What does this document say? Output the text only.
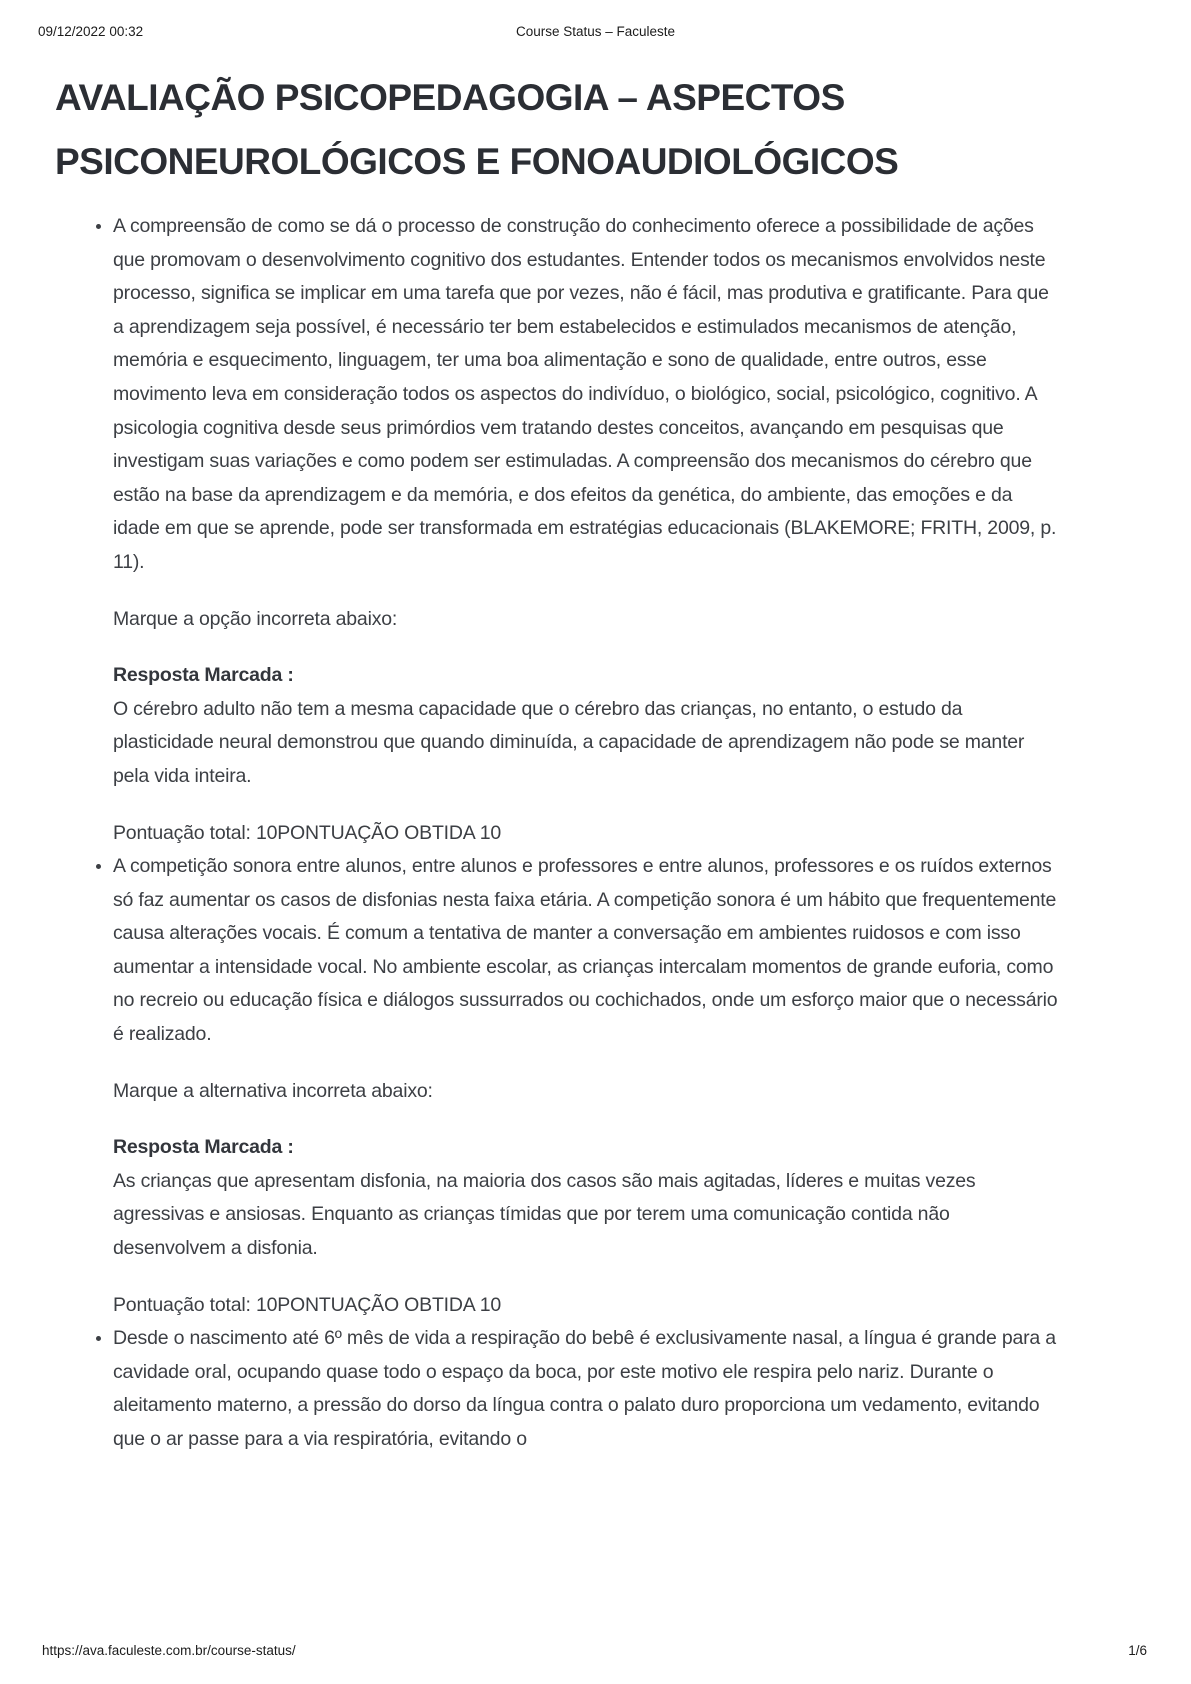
09/12/2022 00:32	Course Status – Faculeste
AVALIAÇÃO PSICOPEDAGOGIA – ASPECTOS PSICONEUROLÓGICOS E FONOAUDIOLÓGICOS

• A compreensão de como se dá o processo de construção do conhecimento oferece a possibilidade de ações que promovam o desenvolvimento cognitivo dos estudantes. Entender todos os mecanismos envolvidos neste processo, significa se implicar em uma tarefa que por vezes, não é fácil, mas produtiva e gratificante. Para que a aprendizagem seja possível, é necessário ter bem estabelecidos e estimulados mecanismos de atenção, memória e esquecimento, linguagem, ter uma boa alimentação e sono de qualidade, entre outros, esse movimento leva em consideração todos os aspectos do indivíduo, o biológico, social, psicológico, cognitivo. A psicologia cognitiva desde seus primórdios vem tratando destes conceitos, avançando em pesquisas que investigam suas variações e como podem ser estimuladas. A compreensão dos mecanismos do cérebro que estão na base da aprendizagem e da memória, e dos efeitos da genética, do ambiente, das emoções e da idade em que se aprende, pode ser transformada em estratégias educacionais (BLAKEMORE; FRITH, 2009, p. 11).

Marque a opção incorreta abaixo:

Resposta Marcada :
O cérebro adulto não tem a mesma capacidade que o cérebro das crianças, no entanto, o estudo da plasticidade neural demonstrou que quando diminuída, a capacidade de aprendizagem não pode se manter pela vida inteira.

Pontuação total: 10PONTUAÇÃO OBTIDA 10

• A competição sonora entre alunos, entre alunos e professores e entre alunos, professores e os ruídos externos só faz aumentar os casos de disfonias nesta faixa etária. A competição sonora é um hábito que frequentemente causa alterações vocais. É comum a tentativa de manter a conversação em ambientes ruidosos e com isso aumentar a intensidade vocal. No ambiente escolar, as crianças intercalam momentos de grande euforia, como no recreio ou educação física e diálogos sussurrados ou cochichados, onde um esforço maior que o necessário é realizado.

Marque a alternativa incorreta abaixo:

Resposta Marcada :
As crianças que apresentam disfonia, na maioria dos casos são mais agitadas, líderes e muitas vezes agressivas e ansiosas. Enquanto as crianças tímidas que por terem uma comunicação contida não desenvolvem a disfonia.

Pontuação total: 10PONTUAÇÃO OBTIDA 10

• Desde o nascimento até 6º mês de vida a respiração do bebê é exclusivamente nasal, a língua é grande para a cavidade oral, ocupando quase todo o espaço da boca, por este motivo ele respira pelo nariz. Durante o aleitamento materno, a pressão do dorso da língua contra o palato duro proporciona um vedamento, evitando que o ar passe para a via respiratória, evitando o

https://ava.faculeste.com.br/course-status/	1/6
